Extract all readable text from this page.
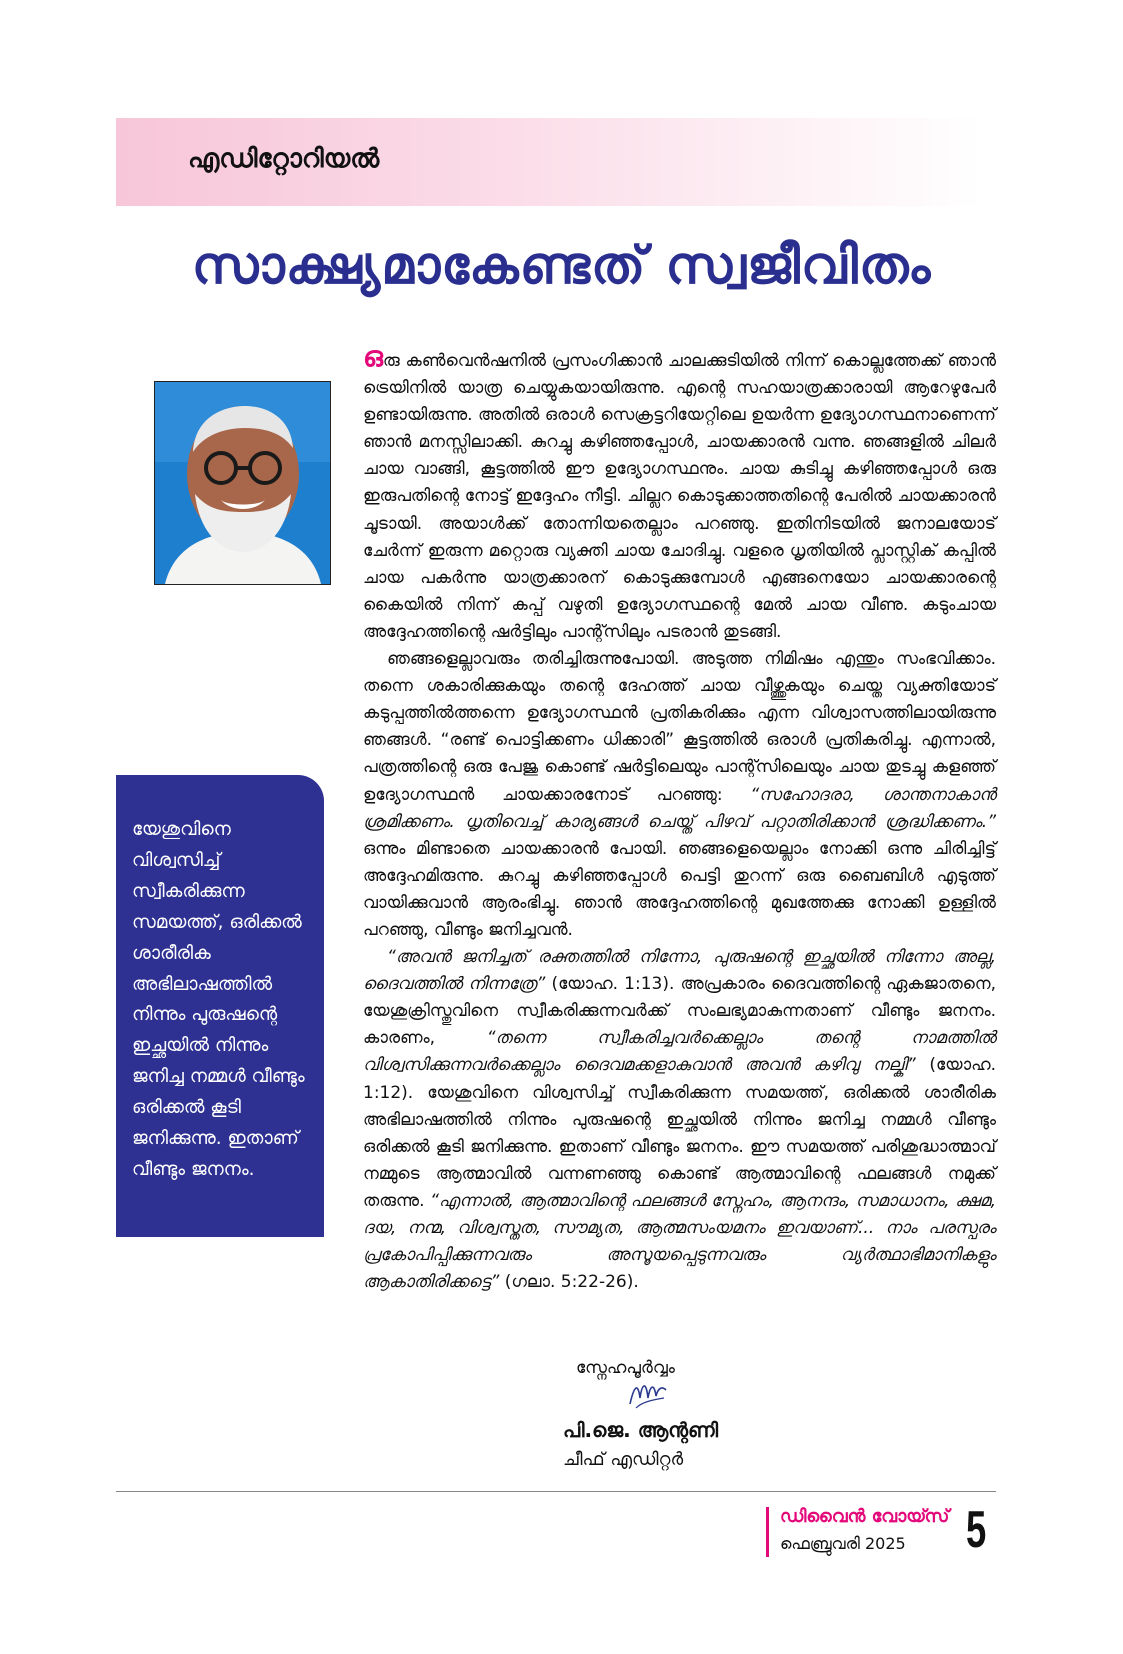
എഡിറ്റോറിയൽ
സാക്ഷ്യമാകേണ്ടത് സ്വജീവിതം
യേശുവിനെ വിശ്വസിച്ച് സ്വീകരിക്കുന്ന സമയത്ത്, ഒരിക്കൽ ശാരീരിക അഭിലാഷത്തിൽ നിന്നും പുരുഷന്റെ ഇച്ഛയിൽ നിന്നും ജനിച്ച നമ്മൾ വീണ്ടും ഒരിക്കൽ കൂടി ജനിക്കുന്നു. ഇതാണ് വീണ്ടും ജനനം.

ഒരു കൺവെൻഷനിൽ പ്രസംഗിക്കാൻ ചാലക്കുടിയിൽ നിന്ന് കൊല്ലത്തേക്ക് ഞാൻ ട്രെയിനിൽ യാത്ര ചെയ്യുകയായിരുന്നു. എന്റെ സഹയാത്രക്കാരായി ആറേഴുപേർ ഉണ്ടായിരുന്നു. അതിൽ ഒരാൾ സെക്രട്ടറിയേറ്റിലെ ഉയർന്ന ഉദ്യോഗസ്ഥനാണെന്ന് ഞാൻ മനസ്സിലാക്കി. കുറച്ചു കഴിഞ്ഞപ്പോൾ, ചായക്കാരൻ വന്നു. ഞങ്ങളിൽ ചിലർ ചായ വാങ്ങി, കൂട്ടത്തിൽ ഈ ഉദ്യോഗസ്ഥനും. ചായ കുടിച്ചു കഴിഞ്ഞപ്പോൾ ഒരു ഇരുപതിന്റെ നോട്ട് ഇദ്ദേഹം നീട്ടി. ചില്ലറ കൊടുക്കാത്തതിന്റെ പേരിൽ ചായക്കാരൻ ചൂടായി. അയാൾക്ക് തോന്നിയതെല്ലാം പറഞ്ഞു. ഇതിനിടയിൽ ജനാലയോട് ചേർന്ന് ഇരുന്ന മറ്റൊരു വ്യക്തി ചായ ചോദിച്ചു. വളരെ ധൃതിയിൽ പ്ലാസ്റ്റിക് കപ്പിൽ ചായ പകർന്നു യാത്രക്കാരന് കൊടുക്കുമ്പോൾ എങ്ങനെയോ ചായക്കാരന്റെ കൈയിൽ നിന്ന് കപ്പ് വഴുതി ഉദ്യോഗസ്ഥന്റെ മേൽ ചായ വീണു. കടുംചായ അദ്ദേഹത്തിന്റെ ഷർട്ടിലും പാന്റ്സിലും പടരാൻ തുടങ്ങി.

ഞങ്ങളെല്ലാവരും തരിച്ചിരുന്നുപോയി. അടുത്ത നിമിഷം എന്തും സംഭവിക്കാം. തന്നെ ശകാരിക്കുകയും തന്റെ ദേഹത്ത് ചായ വീഴ്ത്തുകയും ചെയ്ത വ്യക്തിയോട് കടുപ്പത്തിൽത്തന്നെ ഉദ്യോഗസ്ഥൻ പ്രതികരിക്കും എന്ന വിശ്വാസത്തിലായിരുന്നു ഞങ്ങൾ. “രണ്ട് പൊട്ടിക്കണം ധിക്കാരി” കൂട്ടത്തിൽ ഒരാൾ പ്രതികരിച്ചു. എന്നാൽ, പത്രത്തിന്റെ ഒരു പേജു കൊണ്ട് ഷർട്ടിലെയും പാന്റ്സിലെയും ചായ തുടച്ചു കളഞ്ഞ് ഉദ്യോഗസ്ഥൻ ചായക്കാരനോട് പറഞ്ഞു: “സഹോദരാ, ശാന്തനാകാൻ ശ്രമിക്കണം. ധൃതിവെച്ച് കാര്യങ്ങൾ ചെയ്ത് പിഴവ് പറ്റാതിരിക്കാൻ ശ്രദ്ധിക്കണം.” ഒന്നും മിണ്ടാതെ ചായക്കാരൻ പോയി. ഞങ്ങളെയെല്ലാം നോക്കി ഒന്നു ചിരിച്ചിട്ട് അദ്ദേഹമിരുന്നു. കുറച്ചു കഴിഞ്ഞപ്പോൾ പെട്ടി തുറന്ന് ഒരു ബൈബിൾ എടുത്ത് വായിക്കുവാൻ ആരംഭിച്ചു. ഞാൻ അദ്ദേഹത്തിന്റെ മുഖത്തേക്കു നോക്കി ഉള്ളിൽ പറഞ്ഞു, വീണ്ടും ജനിച്ചവൻ.

“അവൻ ജനിച്ചത് രക്തത്തിൽ നിന്നോ, പുരുഷന്റെ ഇച്ഛയിൽ നിന്നോ അല്ല, ദൈവത്തിൽ നിന്നത്രേ” (യോഹ. 1:13). അപ്രകാരം ദൈവത്തിന്റെ ഏകജാതനെ, യേശുക്രിസ്തുവിനെ സ്വീകരിക്കുന്നവർക്ക് സംലഭ്യമാകുന്നതാണ് വീണ്ടും ജനനം. കാരണം, “തന്നെ സ്വീകരിച്ചവർക്കെല്ലാം തന്റെ നാമത്തിൽ വിശ്വസിക്കുന്നവർക്കെല്ലാം ദൈവമക്കളാകുവാൻ അവൻ കഴിവു നല്കി” (യോഹ. 1:12). യേശുവിനെ വിശ്വസിച്ച് സ്വീകരിക്കുന്ന സമയത്ത്, ഒരിക്കൽ ശാരീരിക അഭിലാഷത്തിൽ നിന്നും പുരുഷന്റെ ഇച്ഛയിൽ നിന്നും ജനിച്ച നമ്മൾ വീണ്ടും ഒരിക്കൽ കൂടി ജനിക്കുന്നു. ഇതാണ് വീണ്ടും ജനനം. ഈ സമയത്ത് പരിശുദ്ധാത്മാവ് നമ്മുടെ ആത്മാവിൽ വന്നണഞ്ഞു കൊണ്ട് ആത്മാവിന്റെ ഫലങ്ങൾ നമുക്ക് തരുന്നു. “എന്നാൽ, ആത്മാവിന്റെ ഫലങ്ങൾ സ്നേഹം, ആനന്ദം, സമാധാനം, ക്ഷമ, ദയ, നന്മ, വിശ്വസ്തത, സൗമ്യത, ആത്മസംയമനം ഇവയാണ്... നാം പരസ്പരം പ്രകോപിപ്പിക്കുന്നവരും അസൂയപ്പെടുന്നവരും വ്യർത്ഥാഭിമാനികളും ആകാതിരിക്കട്ടെ” (ഗലാ. 5:22-26).

സ്നേഹപൂർവ്വം
പി.ജെ. ആന്റണി
ചീഫ് എഡിറ്റർ
ഡിവൈൻ വോയ്സ്
ഫെബ്രുവരി 2025 5
